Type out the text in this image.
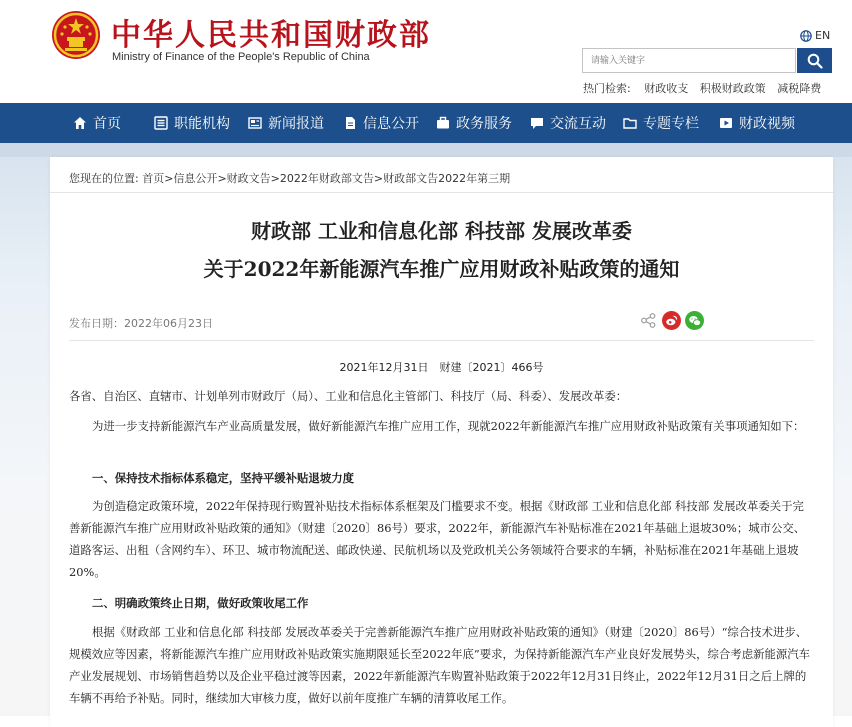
中华人民共和国财政部
Ministry of Finance of the People's Republic of China
EN
请输入关键字
热门检索: 财政收支 积极财政政策 减税降费
首页	职能机构	新闻报道	信息公开	政务服务	交流互动	专题专栏	财政视频
您现在的位置: 首页>信息公开>财政文告>2022年财政部文告>财政部文告2022年第三期
财政部 工业和信息化部 科技部 发展改革委
关于2022年新能源汽车推广应用财政补贴政策的通知
发布日期：2022年06月23日
2021年12月31日　财建〔2021〕466号

各省、自治区、直辖市、计划单列市财政厅（局）、工业和信息化主管部门、科技厅（局、科委）、发展改革委：

为进一步支持新能源汽车产业高质量发展，做好新能源汽车推广应用工作，现就2022年新能源汽车推广应用财政补贴政策有关事项通知如下：

一、保持技术指标体系稳定，坚持平缓补贴退坡力度

为创造稳定政策环境，2022年保持现行购置补贴技术指标体系框架及门槛要求不变。根据《财政部 工业和信息化部 科技部 发展改革委关于完善新能源汽车推广应用财政补贴政策的通知》（财建〔2020〕86号）要求，2022年，新能源汽车补贴标准在2021年基础上退坡30%；城市公交、道路客运、出租（含网约车）、环卫、城市物流配送、邮政快递、民航机场以及党政机关公务领域符合要求的车辆，补贴标准在2021年基础上退坡20%。

二、明确政策终止日期，做好政策收尾工作

根据《财政部 工业和信息化部 科技部 发展改革委关于完善新能源汽车推广应用财政补贴政策的通知》（财建〔2020〕86号）“综合技术进步、规模效应等因素，将新能源汽车推广应用财政补贴政策实施期限延长至2022年底”要求，为保持新能源汽车产业良好发展势头，综合考虑新能源汽车产业发展规划、市场销售趋势以及企业平稳过渡等因素，2022年新能源汽车购置补贴政策于2022年12月31日终止，2022年12月31日之后上牌的车辆不再给予补贴。同时，继续加大审核力度，做好以前年度推广车辆的清算收尾工作。
